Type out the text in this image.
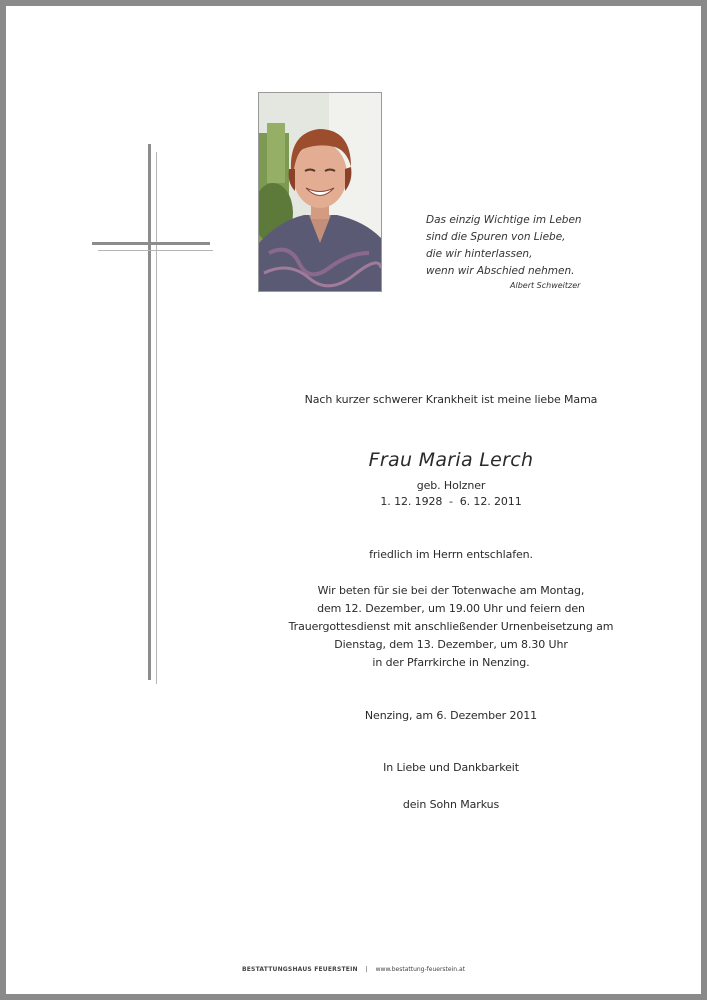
Das einzig Wichtige im Leben
sind die Spuren von Liebe,
die wir hinterlassen,
wenn wir Abschied nehmen.
Albert Schweitzer
Nach kurzer schwerer Krankheit ist meine liebe Mama
Frau Maria Lerch
geb. Holzner
1. 12. 1928  -  6. 12. 2011
friedlich im Herrn entschlafen.
Wir beten für sie bei der Totenwache am Montag,
dem 12. Dezember, um 19.00 Uhr und feiern den
Trauergottesdienst mit anschließender Urnenbeisetzung am
Dienstag, dem 13. Dezember, um 8.30 Uhr
in der Pfarrkirche in Nenzing.
Nenzing, am 6. Dezember 2011
In Liebe und Dankbarkeit
dein Sohn Markus
BESTATTUNGSHAUS FEUERSTEIN | www.bestattung-feuerstein.at
